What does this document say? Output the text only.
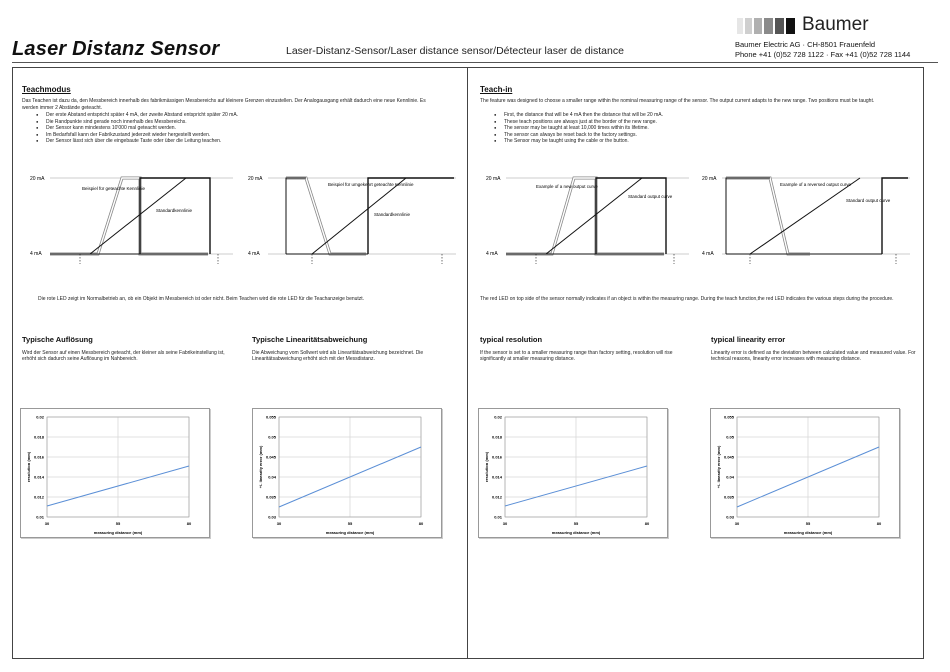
Laser Distanz Sensor	Laser-Distanz-Sensor/Laser distance sensor/Détecteur laser de distance
Baumer
Baumer Electric AG · CH-8501 Frauenfeld
Phone +41 (0)52 728 1122 · Fax +41 (0)52 728 1144
Teachmodus
Das Teachen ist dazu da, den Messbereich innerhalb des fabrikmässigen Messbereichs auf kleinere Grenzen einzustellen. Der Analogausgang erhält dadurch eine neue Kennlinie. Es werden immer 2 Abstände geteacht.
● Der erste Abstand entspricht später 4 mA, der zweite Abstand entspricht später 20 mA.
● Die Randpunkte sind gerade noch innerhalb des Messbereichs.
● Der Sensor kann mindestens 10'000 mal geteacht werden.
● Im Bedarfsfall kann der Fabrikzustand jederzeit wieder hergestellt werden.
● Der Sensor lässt sich über die eingebaute Taste oder über die Leitung teachen.
20 mA
4 mA
Beispiel für geteachte Kennlinie
Standardkennlinie
20 mA
4 mA
Beispiel für umgekehrt geteachte Kennlinie
Standardkennlinie
Die rote LED zeigt im Normalbetrieb an, ob ein Objekt im Messbereich ist oder nicht. Beim Teachen wird die rote LED für die Teachanzeige benutzt.
Typische Auflösung
Wird der Sensor auf einen Messbereich geteacht, der kleiner als seine Fabrikeinstellung ist, erhöht sich dadurch seine Auflösung im Nahbereich.
Typische Linearitätsabweichung
Die Abweichung vom Sollwert wird als Linearitätsabweichung bezeichnet. Die Linearitätsabweichung erhöht sich mit der Messdistanz.
0.01
0.012
0.014
0.016
0.018
0.02
30	55	80
measuring distance (mm)
resolution (mm)
0.03
0.035
0.04
0.045
0.05
0.055
30	55	80
measuring distance (mm)
+/- linearity error (mm)
Teach-in
The feature was designed to choose a smaller range within the nominal measuring range of the sensor. The output current adapts to the new range. Two positions must be taught.
● First, the distance that will be 4 mA then the distance that will be 20 mA.
● These teach positions are always just at the border of the new range.
● The sensor may be taught at least 10,000 times within its lifetime.
● The sensor can always be reset back to the factory settings.
● The Sensor may be taught using the cable or the button.
20 mA
4 mA
Example of a new output curve
Standard output curve
20 mA
4 mA
Example of a reversed output curve
Standard output curve
The red LED on top side of the sensor normally indicates if an object is within the measuring range. During the teach function,the red LED indicates the various steps during the procedure.
typical resolution
If the sensor is set to a smaller measuring range than factory setting, resolution will rise significantly at smaller measuring distance.
typical linearity error
Linearity error is defined as the deviation between calculated value and measured value. For technical reasons, linearity error increases with measuring distance.
0.01
0.012
0.014
0.016
0.018
0.02
30	55	80
measuring distance (mm)
resolution (mm)
0.03
0.035
0.04
0.045
0.05
0.055
30	55	80
measuring distance (mm)
+/- linearity error (mm)
